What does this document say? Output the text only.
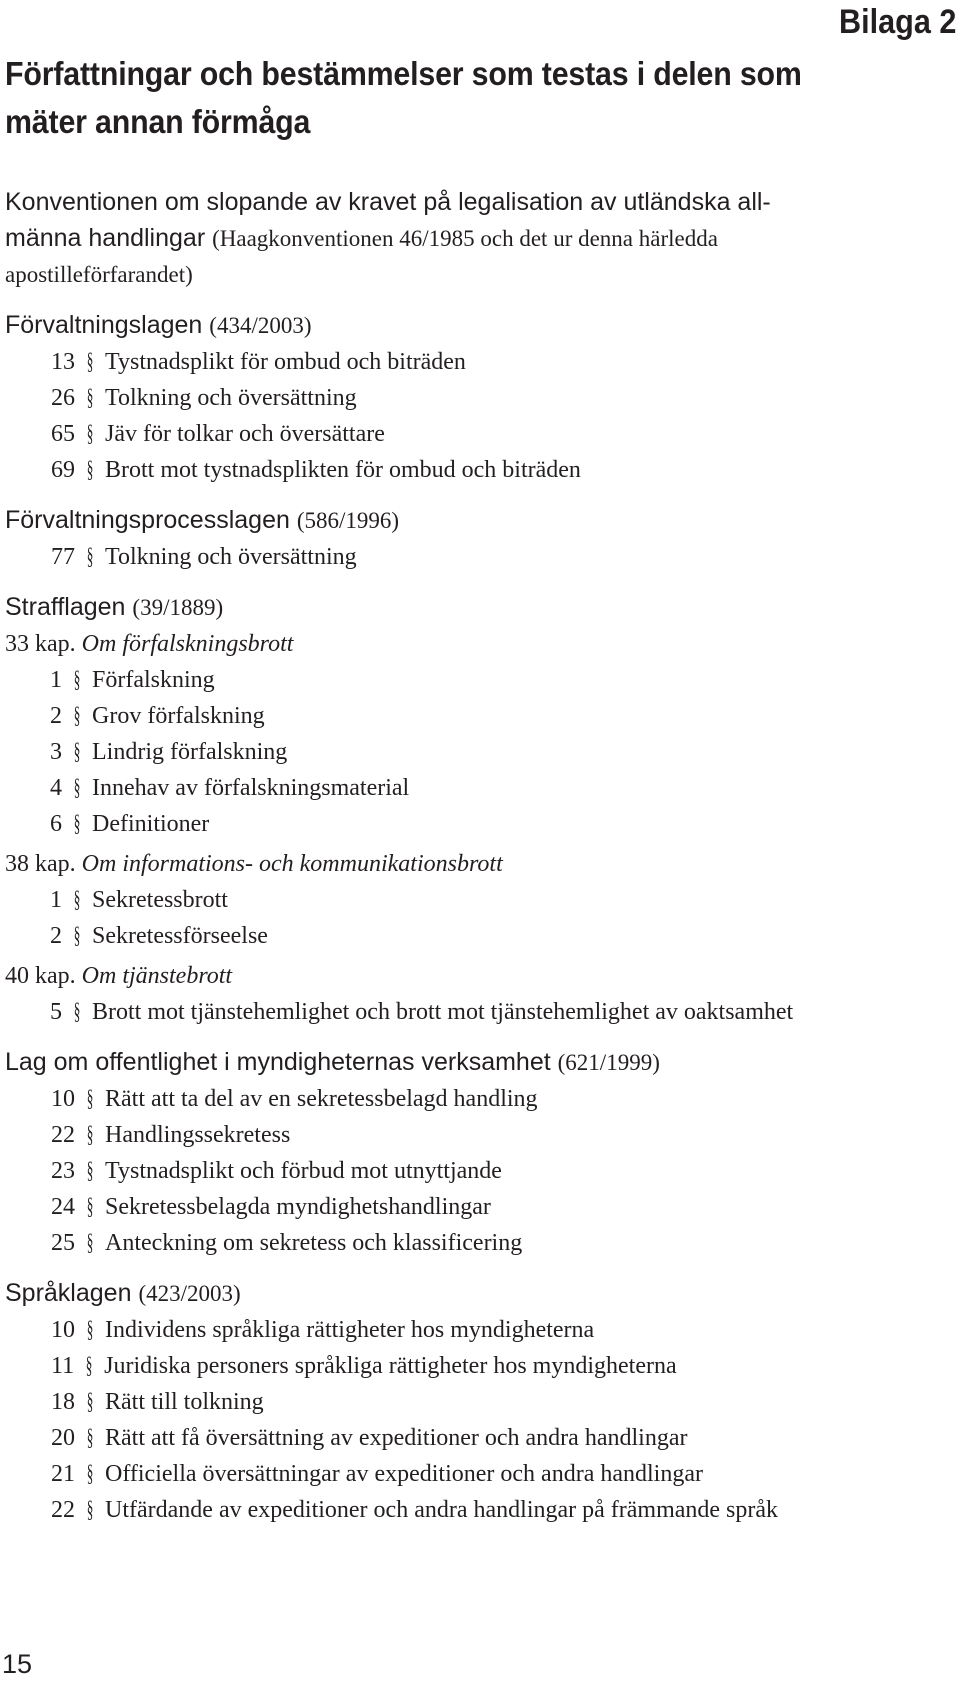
Bilaga 2
Författningar och bestämmelser som testas i delen som
mäter annan förmåga
Konventionen om slopande av kravet på legalisation av utländska all-
männa handlingar (Haagkonventionen 46/1985 och det ur denna härledda
apostilleförfarandet)
Förvaltningslagen (434/2003)
13 § Tystnadsplikt för ombud och biträden
26 § Tolkning och översättning
65 § Jäv för tolkar och översättare
69 § Brott mot tystnadsplikten för ombud och biträden
Förvaltningsprocesslagen (586/1996)
77 § Tolkning och översättning
Strafflagen (39/1889)
33 kap. Om förfalskningsbrott
1 § Förfalskning
2 § Grov förfalskning
3 § Lindrig förfalskning
4 § Innehav av förfalskningsmaterial
6 § Definitioner
38 kap. Om informations- och kommunikationsbrott
1 § Sekretessbrott
2 § Sekretessförseelse
40 kap. Om tjänstebrott
5 § Brott mot tjänstehemlighet och brott mot tjänstehemlighet av oaktsamhet
Lag om offentlighet i myndigheternas verksamhet (621/1999)
10 § Rätt att ta del av en sekretessbelagd handling
22 § Handlingssekretess
23 § Tystnadsplikt och förbud mot utnyttjande
24 § Sekretessbelagda myndighetshandlingar
25 § Anteckning om sekretess och klassificering
Språklagen (423/2003)
10 § Individens språkliga rättigheter hos myndigheterna
11 § Juridiska personers språkliga rättigheter hos myndigheterna
18 § Rätt till tolkning
20 § Rätt att få översättning av expeditioner och andra handlingar
21 § Officiella översättningar av expeditioner och andra handlingar
22 § Utfärdande av expeditioner och andra handlingar på främmande språk
15
